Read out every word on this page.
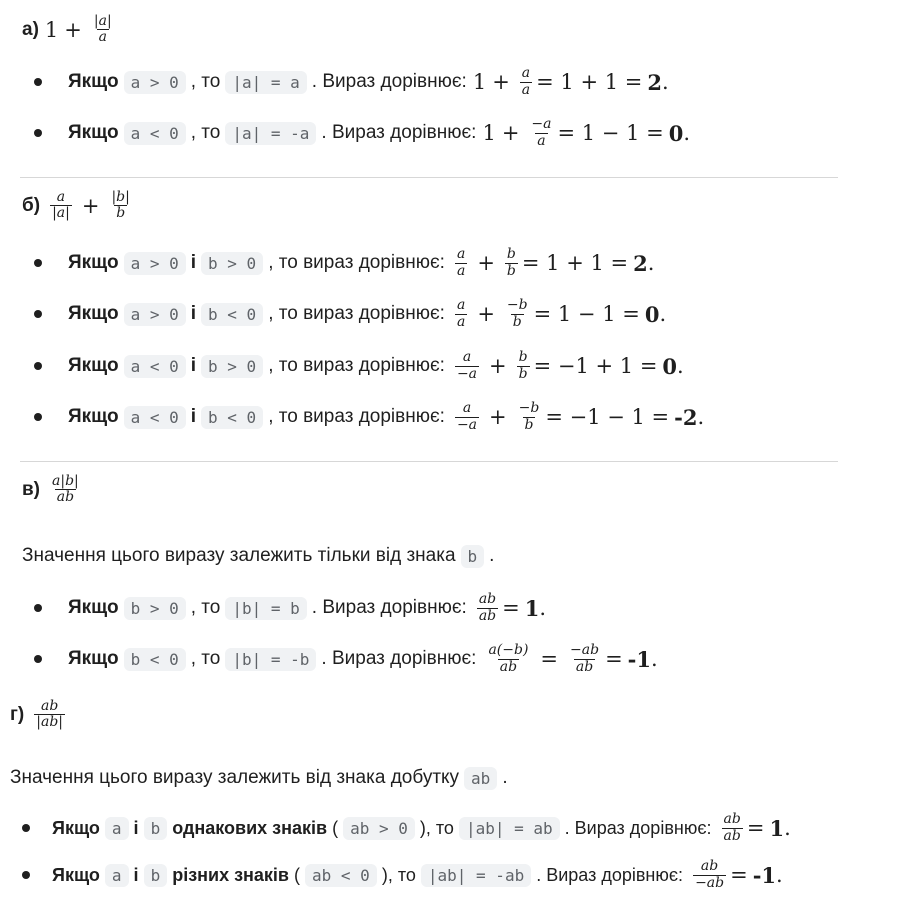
а) $1 + \frac{|a|}{a}$
Якщо a > 0 , то |a| = a . Вираз дорівнює: $1 + \frac{a}{a} = 1 + 1 = 2$ .
Якщо a < 0 , то |a| = -a . Вираз дорівнює: $1 + \frac{-a}{a} = 1 - 1 = 0$ .
$б) \frac{a}{|a|} + \frac{|b|}{b}$
Якщо a > 0 і b > 0 , то вираз дорівнює: $\frac{a}{a} + \frac{b}{b} = 1 + 1 = 2$ .
Якщо a > 0 і b < 0 , то вираз дорівнює: $\frac{a}{a} + \frac{-b}{b} = 1 - 1 = 0$ .
Якщо a < 0 і b > 0 , то вираз дорівнює: $\frac{a}{-a} + \frac{b}{b} = -1 + 1 = 0$ .
Якщо a < 0 і b < 0 , то вираз дорівнює: $\frac{a}{-a} + \frac{-b}{b} = -1 - 1 = -2$ .
$в) \frac{a|b|}{ab}$
Значення цього виразу залежить тільки від знака b .
Якщо b > 0 , то |b| = b . Вираз дорівнює: $\frac{ab}{ab} = 1$ .
Якщо b < 0 , то |b| = -b . Вираз дорівнює: $\frac{a(-b)}{ab} = \frac{-ab}{ab} = -1$ .
$г) \frac{ab}{|ab|}$
Значення цього виразу залежить від знака добутку ab .
Якщо a і b однакових знаків ( ab > 0 ) , то |ab| = ab . Вираз дорівнює: $\frac{ab}{ab} = 1$ .
Якщо a і b різних знаків ( ab < 0 ) , то |ab| = -ab . Вираз дорівнює: $\frac{ab}{-ab} = -1$ .
